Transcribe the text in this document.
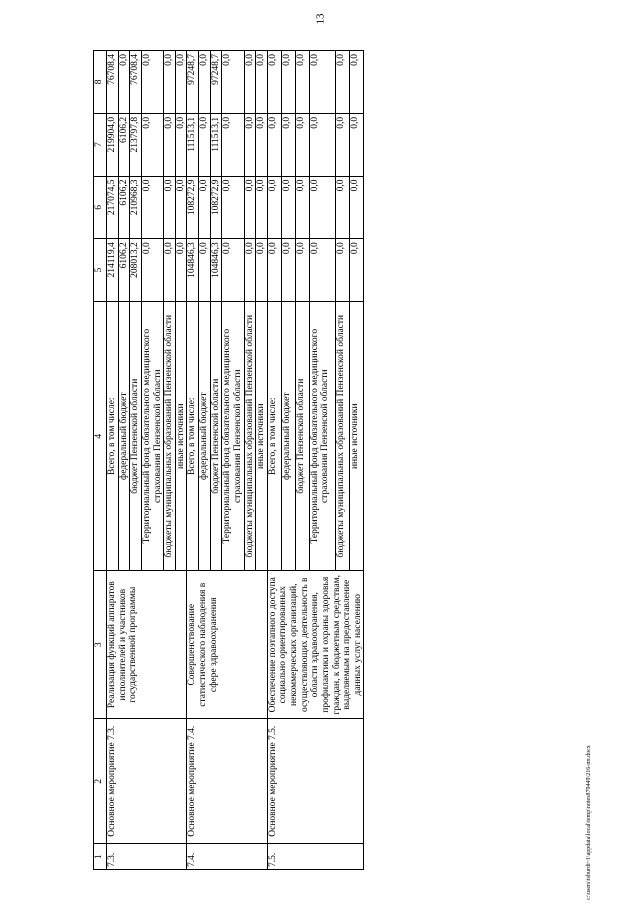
13
1	2	3	4	5	6	7	8
7.3.	Основное мероприятие 7.3.	Реализация функций аппаратов исполнителей и участников государственной программы	Всего, в том числе:	214119,4	217074,5	219904,0	76708,4
			федеральный бюджет	6106,2	6106,2	6106,2	0,0
			бюджет Пензенской области	208013,2	210968,3	213797,8	76708,4
			Территориальный фонд обязательного медицинского страхования Пензенской области	0,0	0,0	0,0	0,0
			бюджеты муниципальных образований Пензенской области	0,0	0,0	0,0	0,0
			иные источники	0,0	0,0	0,0	0,0
7.4.	Основное мероприятие 7.4.	Совершенствование статистического наблюдения в сфере здравоохранения	Всего, в том числе:	104846,3	108272,9	111513,1	97248,7
			федеральный бюджет	0,0	0,0	0,0	0,0
			бюджет Пензенской области	104846,3	108272,9	111513,1	97248,7
			Территориальный фонд обязательного медицинского страхования Пензенской области	0,0	0,0	0,0	0,0
			бюджеты муниципальных образований Пензенской области	0,0	0,0	0,0	0,0
			иные источники	0,0	0,0	0,0	0,0
7.5.	Основное мероприятие 7.5.	Обеспечение поэтапного доступа социально ориентированных некоммерческих организаций, осуществляющих деятельность в области здравоохранения, профилактики и охраны здоровья граждан, к бюджетным средствам, выделяемым на предоставление данных услуг населению	Всего, в том числе:	0,0	0,0	0,0	0,0
			федеральный бюджет	0,0	0,0	0,0	0,0
			бюджет Пензенской области	0,0	0,0	0,0	0,0
			Территориальный фонд обязательного медицинского страхования Пензенской области	0,0	0,0	0,0	0,0
			бюджеты муниципальных образований Пензенской области	0,0	0,0	0,0	0,0
			иные источники	0,0	0,0	0,0	0,0
c:\users\tsburdi~1\appdata\local\temp\notes879449\216-пп.docx
